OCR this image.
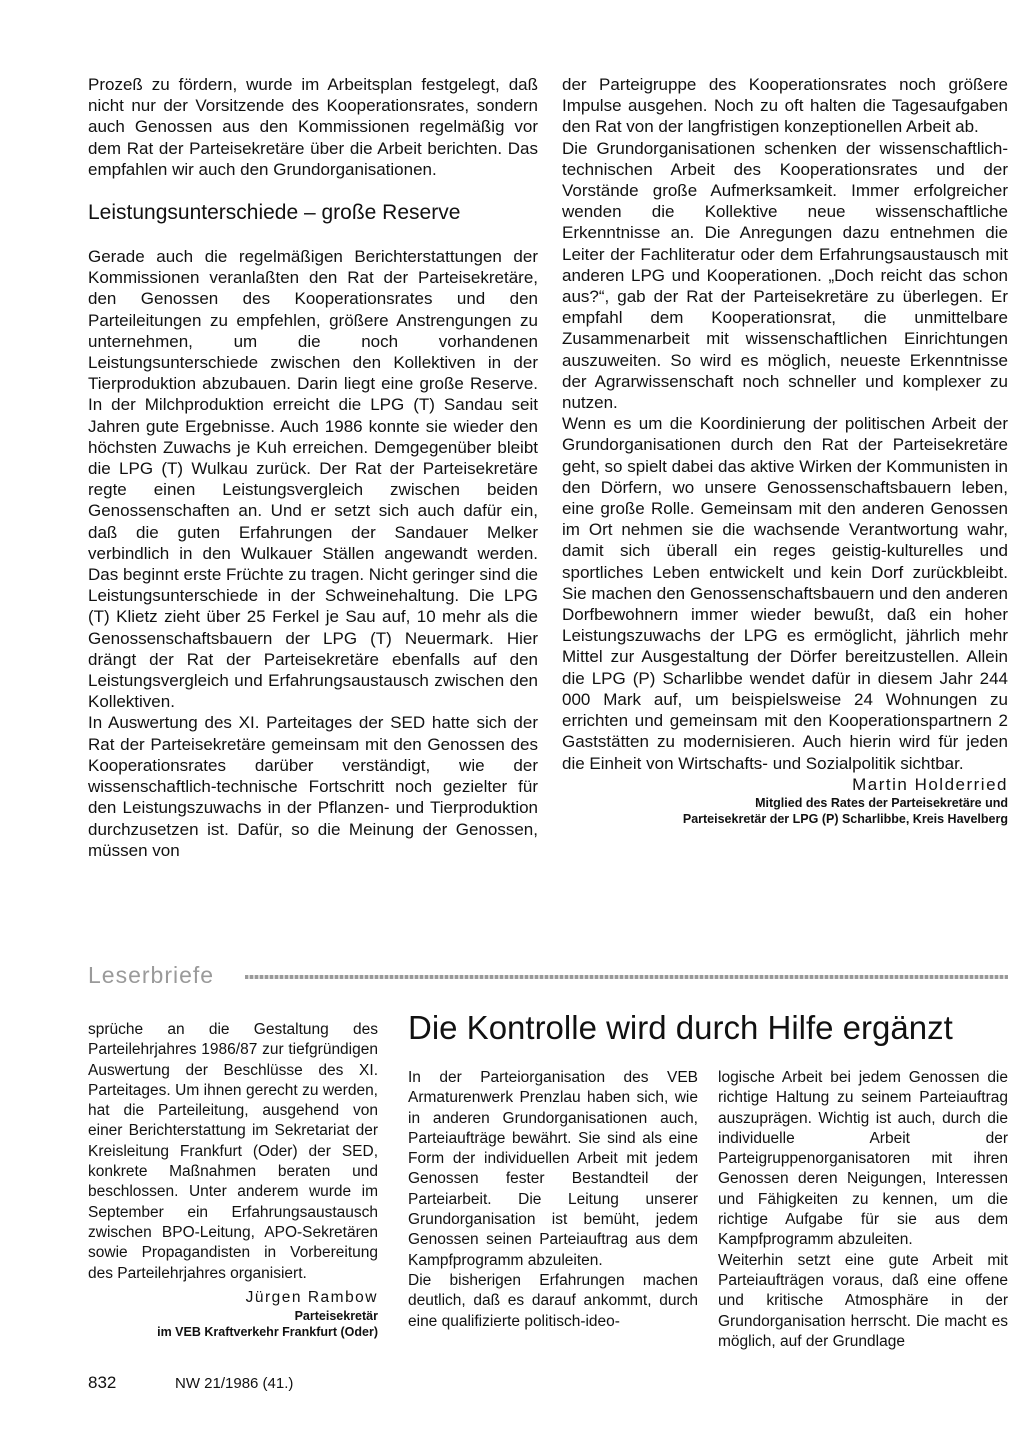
Prozeß zu fördern, wurde im Arbeitsplan festgelegt, daß nicht nur der Vorsitzende des Kooperationsrates, sondern auch Genossen aus den Kommissionen regelmäßig vor dem Rat der Parteisekretäre über die Arbeit berichten. Das empfahlen wir auch den Grundorganisationen.

Leistungsunterschiede – große Reserve

Gerade auch die regelmäßigen Berichterstattungen der Kommissionen veranlaßten den Rat der Parteisekretäre, den Genossen des Kooperationsrates und den Parteileitungen zu empfehlen, größere Anstrengungen zu unternehmen, um die noch vorhandenen Leistungsunterschiede zwischen den Kollektiven in der Tierproduktion abzubauen. Darin liegt eine große Reserve. In der Milchproduktion erreicht die LPG (T) Sandau seit Jahren gute Ergebnisse. Auch 1986 konnte sie wieder den höchsten Zuwachs je Kuh erreichen. Demgegenüber bleibt die LPG (T) Wulkau zurück. Der Rat der Parteisekretäre regte einen Leistungsvergleich zwischen beiden Genossenschaften an. Und er setzt sich auch dafür ein, daß die guten Erfahrungen der Sandauer Melker verbindlich in den Wulkauer Ställen angewandt werden. Das beginnt erste Früchte zu tragen. Nicht geringer sind die Leistungsunterschiede in der Schweinehaltung. Die LPG (T) Klietz zieht über 25 Ferkel je Sau auf, 10 mehr als die Genossenschaftsbauern der LPG (T) Neuermark. Hier drängt der Rat der Parteisekretäre ebenfalls auf den Leistungsvergleich und Erfahrungsaustausch zwischen den Kollektiven.

In Auswertung des XI. Parteitages der SED hatte sich der Rat der Parteisekretäre gemeinsam mit den Genossen des Kooperationsrates darüber verständigt, wie der wissenschaftlich-technische Fortschritt noch gezielter für den Leistungszuwachs in der Pflanzen- und Tierproduktion durchzusetzen ist. Dafür, so die Meinung der Genossen, müssen von

der Parteigruppe des Kooperationsrates noch größere Impulse ausgehen. Noch zu oft halten die Tagesaufgaben den Rat von der langfristigen konzeptionellen Arbeit ab.

Die Grundorganisationen schenken der wissenschaftlich-technischen Arbeit des Kooperationsrates und der Vorstände große Aufmerksamkeit. Immer erfolgreicher wenden die Kollektive neue wissenschaftliche Erkenntnisse an. Die Anregungen dazu entnehmen die Leiter der Fachliteratur oder dem Erfahrungsaustausch mit anderen LPG und Kooperationen. „Doch reicht das schon aus?“, gab der Rat der Parteisekretäre zu überlegen. Er empfahl dem Kooperationsrat, die unmittelbare Zusammenarbeit mit wissenschaftlichen Einrichtungen auszuweiten. So wird es möglich, neueste Erkenntnisse der Agrarwissenschaft noch schneller und komplexer zu nutzen.

Wenn es um die Koordinierung der politischen Arbeit der Grundorganisationen durch den Rat der Parteisekretäre geht, so spielt dabei das aktive Wirken der Kommunisten in den Dörfern, wo unsere Genossenschaftsbauern leben, eine große Rolle. Gemeinsam mit den anderen Genossen im Ort nehmen sie die wachsende Verantwortung wahr, damit sich überall ein reges geistig-kulturelles und sportliches Leben entwickelt und kein Dorf zurückbleibt. Sie machen den Genossenschaftsbauern und den anderen Dorfbewohnern immer wieder bewußt, daß ein hoher Leistungszuwachs der LPG es ermöglicht, jährlich mehr Mittel zur Ausgestaltung der Dörfer bereitzustellen. Allein die LPG (P) Scharlibbe wendet dafür in diesem Jahr 244 000 Mark auf, um beispielsweise 24 Wohnungen zu errichten und gemeinsam mit den Kooperationspartnern 2 Gaststätten zu modernisieren. Auch hierin wird für jeden die Einheit von Wirtschafts- und Sozialpolitik sichtbar.

Martin Holderried

Mitglied des Rates der Parteisekretäre und

Parteisekretär der LPG (P) Scharlibbe, Kreis Havelberg

Leserbriefe

sprüche an die Gestaltung des Parteilehrjahres 1986/87 zur tiefgründigen Auswertung der Beschlüsse des XI. Parteitages. Um ihnen gerecht zu werden, hat die Parteileitung, ausgehend von einer Berichterstattung im Sekretariat der Kreisleitung Frankfurt (Oder) der SED, konkrete Maßnahmen beraten und beschlossen. Unter anderem wurde im September ein Erfahrungsaustausch zwischen BPO-Leitung, APO-Sekretären sowie Propagandisten in Vorbereitung des Parteilehrjahres organisiert.

Jürgen Rambow

Parteisekretär

im VEB Kraftverkehr Frankfurt (Oder)

Die Kontrolle wird durch Hilfe ergänzt

In der Parteiorganisation des VEB Armaturenwerk Prenzlau haben sich, wie in anderen Grundorganisationen auch, Parteiaufträge bewährt. Sie sind als eine Form der individuellen Arbeit mit jedem Genossen fester Bestandteil der Parteiarbeit. Die Leitung unserer Grundorganisation ist bemüht, jedem Genossen seinen Parteiauftrag aus dem Kampfprogramm abzuleiten.

Die bisherigen Erfahrungen machen deutlich, daß es darauf ankommt, durch eine qualifizierte politisch-ideo-

logische Arbeit bei jedem Genossen die richtige Haltung zu seinem Parteiauftrag auszuprägen. Wichtig ist auch, durch die individuelle Arbeit der Parteigruppenorganisatoren mit ihren Genossen deren Neigungen, Interessen und Fähigkeiten zu kennen, um die richtige Aufgabe für sie aus dem Kampfprogramm abzuleiten.

Weiterhin setzt eine gute Arbeit mit Parteiaufträgen voraus, daß eine offene und kritische Atmosphäre in der Grundorganisation herrscht. Die macht es möglich, auf der Grundlage

832	NW 21/1986 (41.)
